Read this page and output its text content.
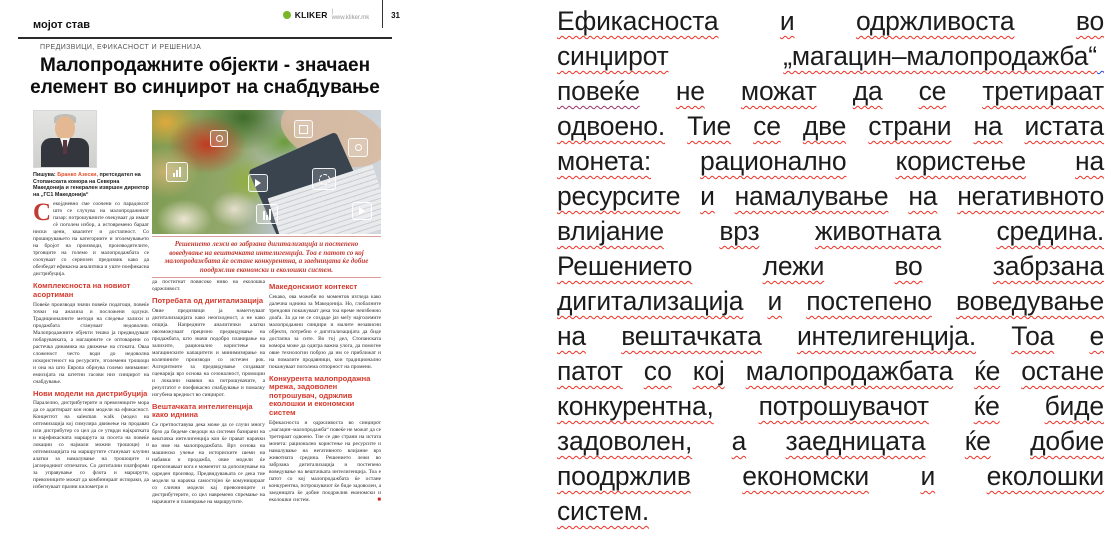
KLIKER | www.kliker.mk	31
мојот став
ПРЕДИЗВИЦИ, ЕФИКАСНОСТ И РЕШЕНИЈА
Малопродажните објекти - значаен
елемент во синџирот на снабдување

Пишува: Бранко Азески, претседател на Стопанската комора на Северна Македонија и генерален извршен директор на „ГС1 Македонија“

Секојдневно сме соочени со парадоксот што се случува на малопродажниот пазар: потрошувачите очекуваат да имаат сѐ поголем избор, а истовремено бараат ниски цени, квалитет и достапност. Со проширувањето на категориите и зголемувањето на бројот на производи, производителите, трговците на големо и малопродажбата се соочуваат со сериозен предизвик како да обезбедат ефикасна аналитика и уште поефикасна дистрибуција.

Комплексноста на новиот асортиман

Повеќе производи значи повеќе податоци, повеќе точки на анализа и посложени одлуки. Традиционалните методи на следење залихи и продажбата стануваат недоволни. Малопродажните објекти тешко ја предвидуваат побарувачката, а магацините се оптоварени со растечка динамика на движење на стоката. Оваа сложеност често води до недоволна искористеност на ресурсите, зголемени трошоци и она на што Европа обрнува големо внимание: емисијата на штетни гасови низ синџирот на снабдување.

Нови модели на дистрибуција

Паралелно, дистрибутерите и превозниците мора да се адаптираат кон нови модели на ефикасност. Концептот на salesman walk (модел на оптимизација кој симулира движење на продавач или дистрибутер со цел да се утврди најкратката и најефикасната маршрута за посета на повеќе локации со најмали можни трошоци) и оптимизацијата на маршрутите стануваат клучни алатки за намалување на трошоците и јаглеродниот отпечаток. Со дигитални платформи за управување со флота и маршрути, превозниците можат да комбинираат испораки, да избегнуваат празни километри и

Решението лежи во забрзана дигитализација и постепено воведување на вештачката интелигенција. Тоа е патот со кој малопродажбата ќе остане конкурентна, а заедницата ќе добие поодржлив економски и еколошки систем.

да постигнат повисоко ниво на еколошка одржливост.

Потребата од дигитализација

Овие предизвици ја наметнуваат дигитализацијата како неопходност, а не како опција. Напредните аналитички алатки овозможуваат прецизно предвидување на продажбата, што значи подобро планирање на залихите, рационално користење на магацинските капацитети и минимизирање на количините производи со истечен рок. Алгоритмите за предвидување создаваат сценарија врз основа на сезоналност, промоции и локални навики на потрошувачите, а резултатот е поефикасно снабдување и помалку изгубена вредност во синџирот.

Вештачката интелигенција како иднина

Се претпоставува дека може да се случи многу брзо да бидеме сведоци на системи базирани на вештачка интелигенција кои ќе прават нарачки во име на малопродажбата. Врз основа на машинско учење на историските шеми на набавки и продажба, овие модели ќе препознаваат кога е моментот за дополнување на одреден производ. Предвидувањата се дека тие модели за нарачка самостојно ќе комуницираат со слични модели кај превозниците и дистрибутерите, со цел навремено спремање на нарачките и планирање на маршрутите.

Македонскиот контекст

Секако, ова можеби во моментов изгледа како далечна иднина за Македонија. Но, глобалните трендови покажуваат дека тоа време неизбежно доаѓа. За да не се создаде јаз меѓу најголемите малопродажни синџири и малите независни објекти, потребно е дигитализацијата да биде достапна за сите. Во тој дел, Стопанската комора може да одигра важна улога, да помогне овие технологии побрзо да им се приближат и на помалите продавници, кои традиционално покажуваат поголема отпорност на промени.

Конкурента малопродажна мрежа, задоволен потрошувач, одржлив еколошки и економски систем

Ефикасноста и одржливоста во синџирот „магацин–малопродажба“ повеќе не можат да се третираат одвоено. Тие се две страни на истата монета: рационално користење на ресурсите и намалување на негативното влијание врз животната средина. Решението лежи во забрзана дигитализација и постепено воведување на вештачката интелигенција. Тоа е патот со кој малопродажбата ќе остане конкурентна, потрошувачот ќе биде задоволен, а заедницата ќе добие поодржлив економски и еколошки систем.	■

Ефикасноста и одржливоста во
синџирот	„магацин–малопродажба“

повеќе не можат да се третираат
одвоено. Тие се две страни на истата
монета: рационално користење на
ресурсите и намалување на негативното
влијание врз животната средина.
Решението	лежи	во	забрзана
дигитализација и постепено воведување
на вештачката интелигенција. Тоа е
патот со кој малопродажбата ќе остане
конкурентна, потрошувачот ќе биде
задоволен, а заедницата ќе добие
поодржлив економски и еколошки
систем.
